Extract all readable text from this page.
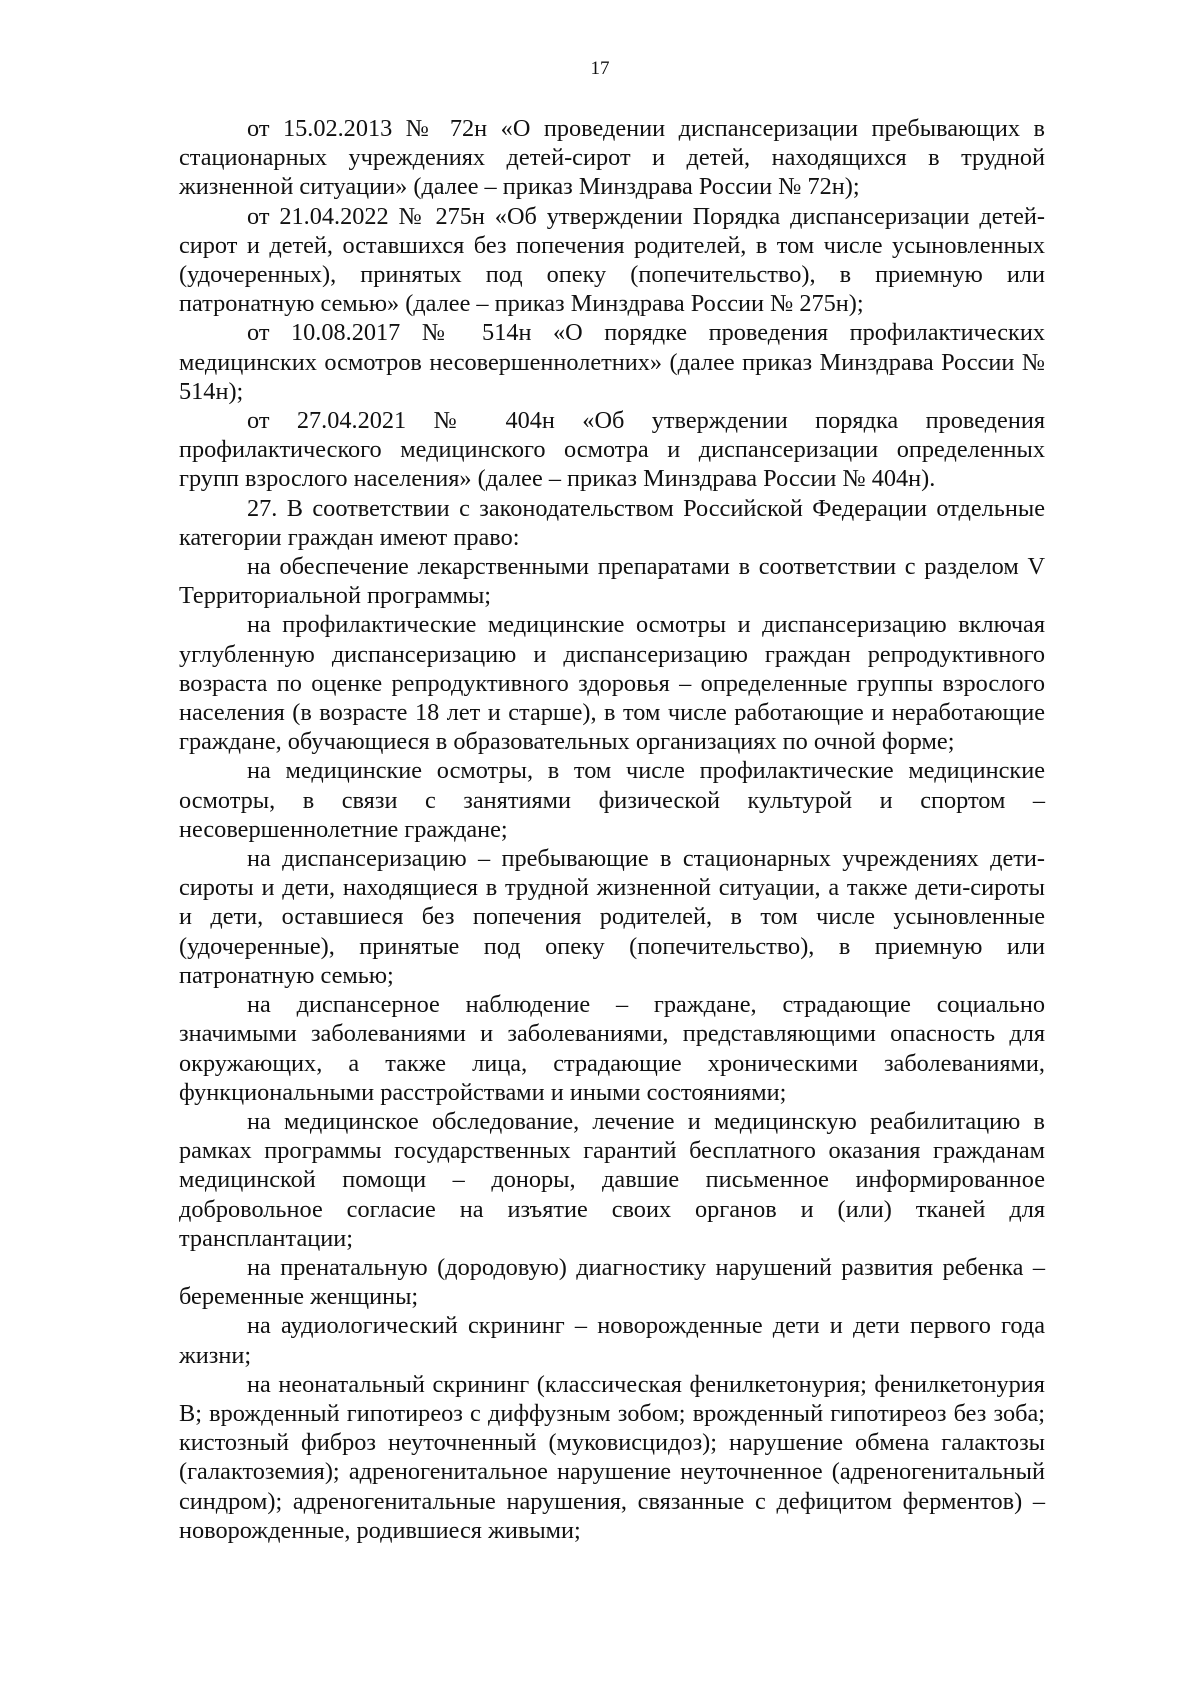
17

от 15.02.2013 № 72н «О проведении диспансеризации пребывающих в стационарных учреждениях детей-сирот и детей, находящихся в трудной жизненной ситуации» (далее – приказ Минздрава России № 72н);

от 21.04.2022 № 275н «Об утверждении Порядка диспансеризации детей-сирот и детей, оставшихся без попечения родителей, в том числе усыновленных (удочеренных), принятых под опеку (попечительство), в приемную или патронатную семью» (далее – приказ Минздрава России № 275н);

от 10.08.2017 № 514н «О порядке проведения профилактических медицинских осмотров несовершеннолетних» (далее приказ Минздрава России № 514н);

от 27.04.2021 № 404н «Об утверждении порядка проведения профилактического медицинского осмотра и диспансеризации определенных групп взрослого населения» (далее – приказ Минздрава России № 404н).

27. В соответствии с законодательством Российской Федерации отдельные категории граждан имеют право:

на обеспечение лекарственными препаратами в соответствии с разделом V Территориальной программы;

на профилактические медицинские осмотры и диспансеризацию включая углубленную диспансеризацию и диспансеризацию граждан репродуктивного возраста по оценке репродуктивного здоровья – определенные группы взрослого населения (в возрасте 18 лет и старше), в том числе работающие и неработающие граждане, обучающиеся в образовательных организациях по очной форме;

на медицинские осмотры, в том числе профилактические медицинские осмотры, в связи с занятиями физической культурой и спортом – несовершеннолетние граждане;

на диспансеризацию – пребывающие в стационарных учреждениях дети-сироты и дети, находящиеся в трудной жизненной ситуации, а также дети-сироты и дети, оставшиеся без попечения родителей, в том числе усыновленные (удочеренные), принятые под опеку (попечительство), в приемную или патронатную семью;

на диспансерное наблюдение – граждане, страдающие социально значимыми заболеваниями и заболеваниями, представляющими опасность для окружающих, а также лица, страдающие хроническими заболеваниями, функциональными расстройствами и иными состояниями;

на медицинское обследование, лечение и медицинскую реабилитацию в рамках программы государственных гарантий бесплатного оказания гражданам медицинской помощи – доноры, давшие письменное информированное добровольное согласие на изъятие своих органов и (или) тканей для трансплантации;

на пренатальную (дородовую) диагностику нарушений развития ребенка – беременные женщины;

на аудиологический скрининг – новорожденные дети и дети первого года жизни;

на неонатальный скрининг (классическая фенилкетонурия; фенилкетонурия B; врожденный гипотиреоз с диффузным зобом; врожденный гипотиреоз без зоба; кистозный фиброз неуточненный (муковисцидоз); нарушение обмена галактозы (галактоземия); адреногенитальное нарушение неуточненное (адреногенитальный синдром); адреногенитальные нарушения, связанные с дефицитом ферментов) – новорожденные, родившиеся живыми;
